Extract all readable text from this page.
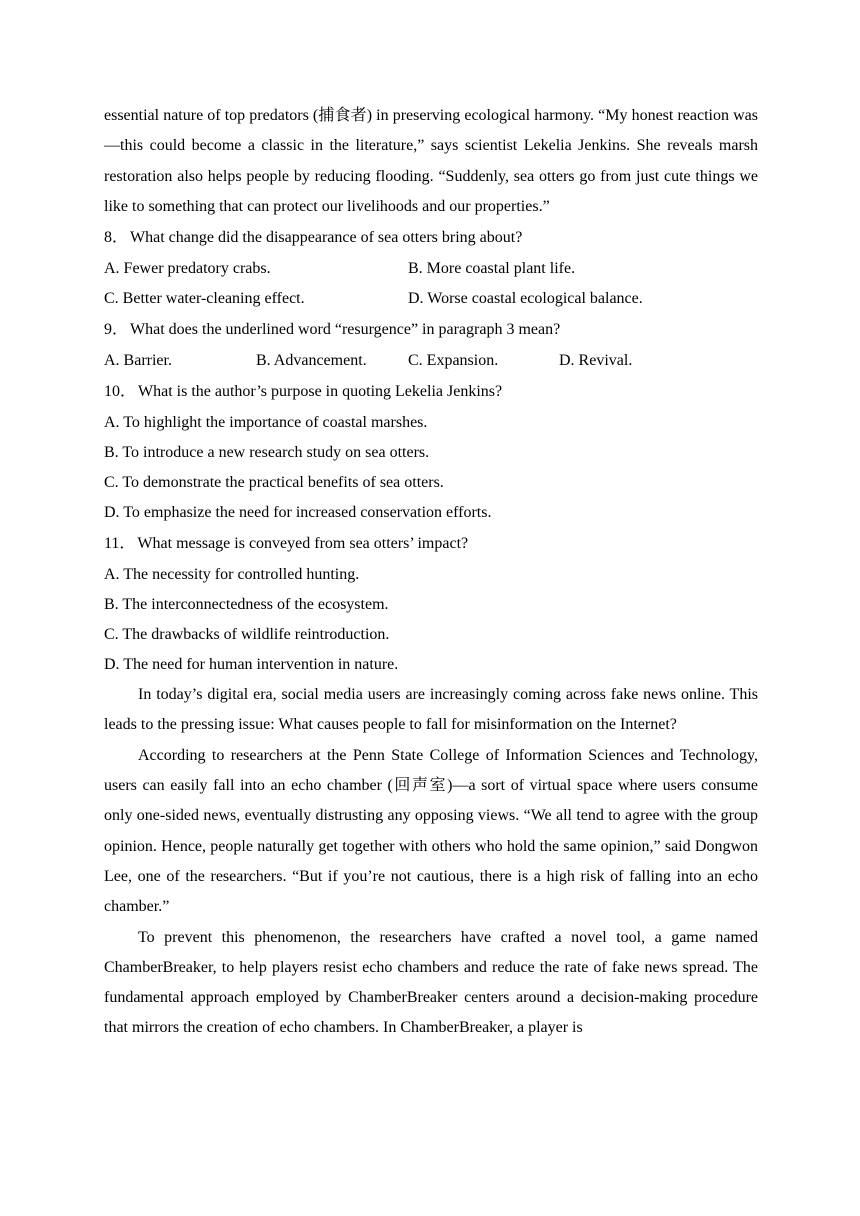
essential nature of top predators (捕食者) in preserving ecological harmony. “My honest reaction was—this could become a classic in the literature,” says scientist Lekelia Jenkins. She reveals marsh restoration also helps people by reducing flooding. “Suddenly, sea otters go from just cute things we like to something that can protect our livelihoods and our properties.”

8． What change did the disappearance of sea otters bring about?

A. Fewer predatory crabs.	B. More coastal plant life.
C. Better water-cleaning effect.	D. Worse coastal ecological balance.

9． What does the underlined word “resurgence” in paragraph 3 mean?

A. Barrier.	B. Advancement.	C. Expansion.	D. Revival.

10． What is the author’s purpose in quoting Lekelia Jenkins?

A. To highlight the importance of coastal marshes.

B. To introduce a new research study on sea otters.

C. To demonstrate the practical benefits of sea otters.

D. To emphasize the need for increased conservation efforts.

11． What message is conveyed from sea otters’ impact?

A. The necessity for controlled hunting.

B. The interconnectedness of the ecosystem.

C. The drawbacks of wildlife reintroduction.

D. The need for human intervention in nature.

In today’s digital era, social media users are increasingly coming across fake news online. This leads to the pressing issue: What causes people to fall for misinformation on the Internet?

According to researchers at the Penn State College of Information Sciences and Technology, users can easily fall into an echo chamber (回声室)—a sort of virtual space where users consume only one-sided news, eventually distrusting any opposing views. “We all tend to agree with the group opinion. Hence, people naturally get together with others who hold the same opinion,” said Dongwon Lee, one of the researchers. “But if you’re not cautious, there is a high risk of falling into an echo chamber.”

To prevent this phenomenon, the researchers have crafted a novel tool, a game named ChamberBreaker, to help players resist echo chambers and reduce the rate of fake news spread. The fundamental approach employed by ChamberBreaker centers around a decision-making procedure that mirrors the creation of echo chambers. In ChamberBreaker, a player is
